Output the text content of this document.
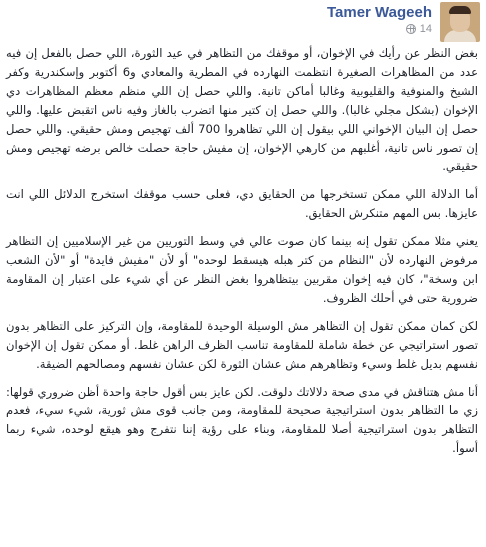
Tamer Wageeh
14

بغض النظر عن رأيك في الإخوان، أو موقفك من التظاهر في عيد الثورة، اللي حصل بالفعل إن فيه عدد من المظاهرات الصغيرة انتظمت النهارده في المطرية والمعادي و6 أكتوبر وإسكندرية وكفر الشيخ والمنوفية والقليوبية وغالبا أماكن تانية. واللي حصل إن اللي منظم معظم المظاهرات دي الإخوان (بشكل مجلي غالبا). واللي حصل إن كتير منها اتضرب بالغاز وفيه ناس اتقبض عليها. واللي حصل إن البيان الإخواني اللي بيقول إن اللي تظاهروا 700 ألف تهجيص ومش حقيقي. واللي حصل إن تصور ناس تانية، أغلبهم من كارهي الإخوان، إن مفيش حاجة حصلت خالص برضه تهجيص ومش حقيقي.

أما الدلالة اللي ممكن تستخرجها من الحقايق دي، فعلى حسب موقفك استخرج الدلائل اللي انت عايزها. بس المهم متنكرش الحقايق.

يعني مثلا ممكن تقول إنه بينما كان صوت عالي في وسط التوريين من غير الإسلاميين إن التظاهر مرفوض النهارده لأن "النظام من كتر هبله هيسقط لوحده" أو لأن "مفيش فايدة" أو "لأن الشعب ابن وسخة"، كان فيه إخوان مقربين بيتظاهروا بغض النظر عن أي شيء على اعتبار إن المقاومة ضرورية حتى في أحلك الظروف.

لكن كمان ممكن تقول إن التظاهر مش الوسيلة الوحيدة للمقاومة، وإن التركيز على التظاهر بدون تصور استراتيجي عن خطة شاملة للمقاومة تناسب الظرف الراهن غلط. أو ممكن تقول إن الإخوان نفسهم بديل غلط وسيء وتظاهرهم مش عشان الثورة لكن عشان نفسهم ومصالحهم الضيقة.

أنا مش هتناقش في مدى صحة دلالاتك دلوقت. لكن عايز بس أقول حاجة واحدة أظن ضروري قولها: زي ما التظاهر بدون استراتيجية صحيحة للمقاومة، ومن جانب قوى مش ثورية، شيء سيء، فعدم التظاهر بدون استراتيجية أصلا للمقاومة، وبناء على رؤية إننا نتفرج وهو هيقع لوحده، شيء ربما أسوأ.
